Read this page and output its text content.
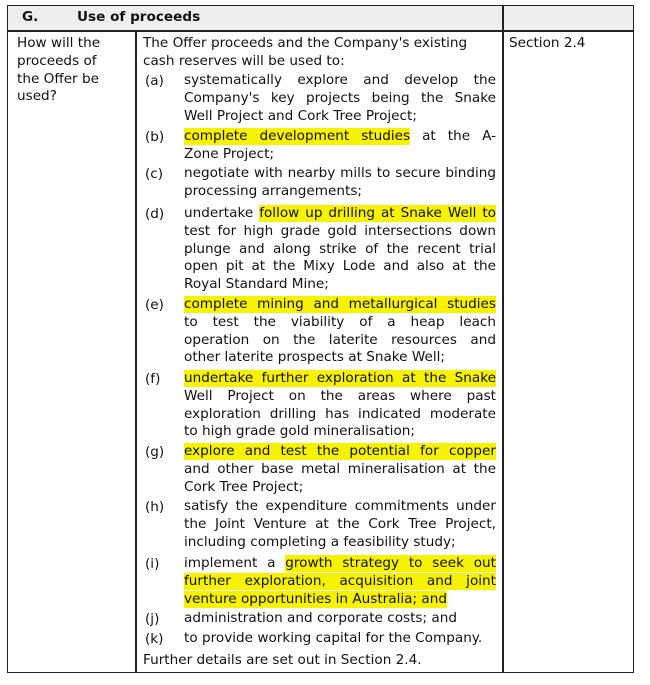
G.	Use of proceeds
How will the
proceeds of
the Offer be
used?
Section 2.4
The Offer proceeds and the Company's existing
cash reserves will be used to:
(a) systematically explore and develop the
Company's key projects being the Snake
Well Project and Cork Tree Project;
(b) complete development studies at the A-
Zone Project;
(c) negotiate with nearby mills to secure binding
processing arrangements;
(d) undertake follow up drilling at Snake Well to
test for high grade gold intersections down
plunge and along strike of the recent trial
open pit at the Mixy Lode and also at the
Royal Standard Mine;
(e) complete mining and metallurgical studies
to test the viability of a heap leach
operation on the laterite resources and
other laterite prospects at Snake Well;
(f) undertake further exploration at the Snake
Well Project on the areas where past
exploration drilling has indicated moderate
to high grade gold mineralisation;
(g) explore and test the potential for copper
and other base metal mineralisation at the
Cork Tree Project;
(h) satisfy the expenditure commitments under
the Joint Venture at the Cork Tree Project,
including completing a feasibility study;
(i) implement a growth strategy to seek out
further exploration, acquisition and joint
venture opportunities in Australia; and
(j) administration and corporate costs; and
(k) to provide working capital for the Company.
Further details are set out in Section 2.4.
